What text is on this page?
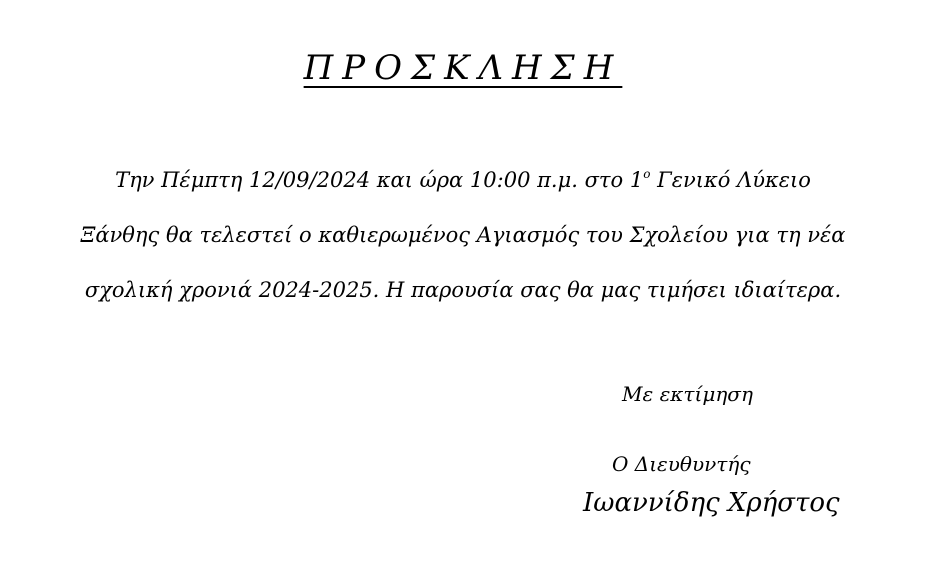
ΠΡΟΣΚΛΗΣΗ
Την Πέμπτη 12/09/2024 και ώρα 10:00 π.μ. στο $1^o$ Γενικό Λύκειο
Ξάνθης θα τελεστεί ο καθιερωμένος Αγιασμός του Σχολείου για τη νέα
σχολική χρονιά 2024-2025. Η παρουσία σας θα μας τιμήσει ιδιαίτερα.
Με εκτίμηση
Ο Διευθυντής
Ιωαννίδης Χρήστος
